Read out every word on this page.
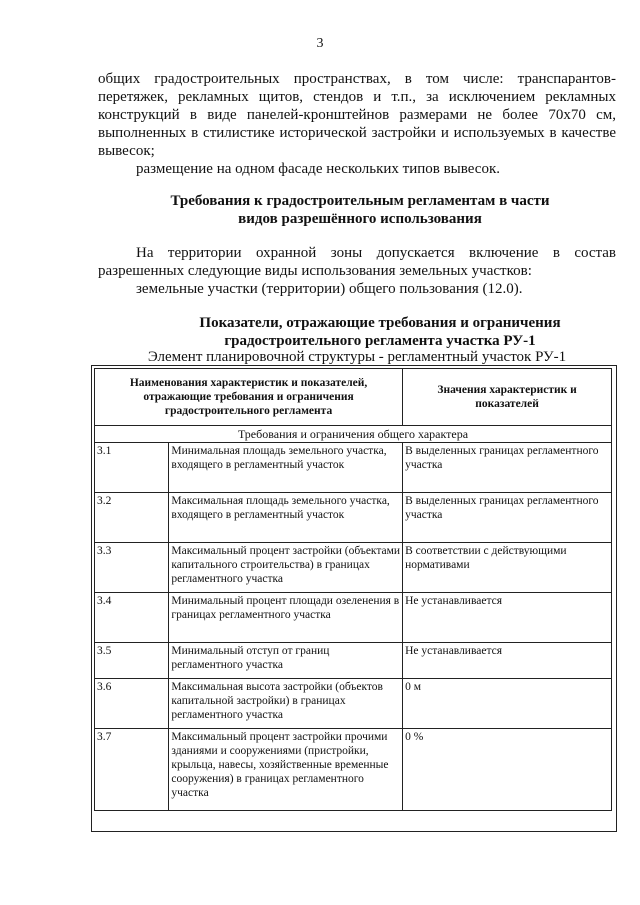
3

общих градостроительных пространствах, в том числе: транспарантов-перетяжек, рекламных щитов, стендов и т.п., за исключением рекламных конструкций в виде панелей-кронштейнов размерами не более 70х70 см, выполненных в стилистике исторической застройки и используемых в качестве вывесок;

размещение на одном фасаде нескольких типов вывесок.

Требования к градостроительным регламентам в части видов разрешённого использования

На территории охранной зоны допускается включение в состав разрешенных следующие виды использования земельных участков:

земельные участки (территории) общего пользования (12.0).

Показатели, отражающие требования и ограничения градостроительного регламента участка РУ-1

Элемент планировочной структуры - регламентный участок РУ-1

Наименования характеристик и показателей, отражающие требования и ограничения градостроительного регламента		Значения характеристик и показателей
Требования и ограничения общего характера		
3.1	Минимальная площадь земельного участка, входящего в регламентный участок	В выделенных границах регламентного участка
3.2	Максимальная площадь земельного участка, входящего в регламентный участок	В выделенных границах регламентного участка
3.3	Максимальный процент застройки (объектами капитального строительства) в границах регламентного участка	В соответствии с действующими нормативами
3.4	Минимальный процент площади озеленения в границах регламентного участка	Не устанавливается
3.5	Минимальный отступ от границ регламентного участка	Не устанавливается
3.6	Максимальная высота застройки (объектов капитальной застройки) в границах регламентного участка	0 м
3.7	Максимальный процент застройки прочими зданиями и сооружениями (пристройки, крыльца, навесы, хозяйственные временные сооружения) в границах регламентного участка	0 %
